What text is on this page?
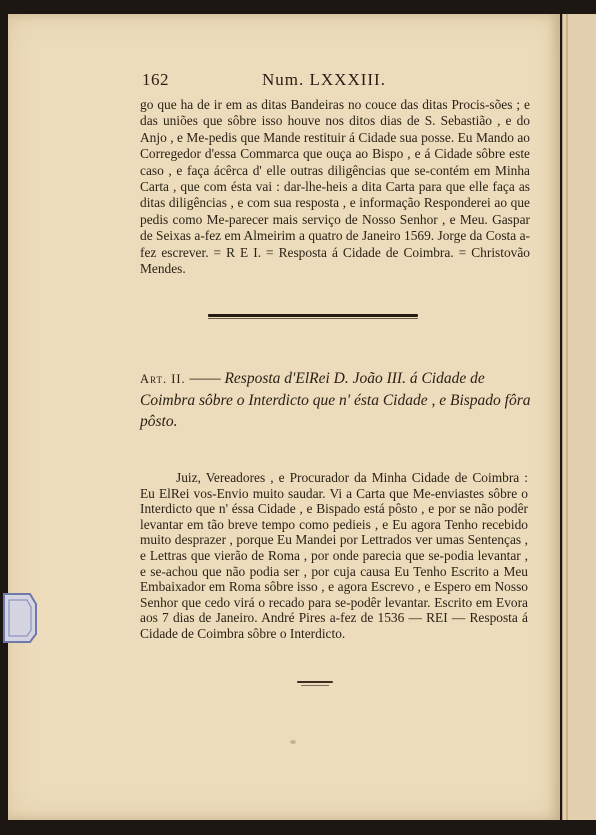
162	Num. LXXXIII.

go que ha de ir em as ditas Bandeiras no couce das ditas Procis-sões ; e das uniões que sôbre isso houve nos ditos dias de S. Sebastião , e do Anjo , e Me-pedis que Mande restituir á Cidade sua posse. Eu Mando ao Corregedor d'essa Commarca que ouça ao Bispo , e á Cidade sôbre este caso , e faça ácêrca d' elle outras diligências que se-contém em Minha Carta , que com ésta vai : dar-lhe-heis a dita Carta para que elle faça as ditas diligências , e com sua resposta , e informação Responderei ao que pedis como Me-parecer mais serviço de Nosso Senhor , e Meu. Gaspar de Seixas a-fez em Almeirim a quatro de Janeiro 1569. Jorge da Costa a-fez escrever. = R E I. = Resposta á Cidade de Coimbra. = Christovão Mendes.

Art. II. —— Resposta d'ElRei D. João III. á Cidade de Coimbra sôbre o Interdicto que n' ésta Cidade , e Bispado fôra pôsto.

Juiz, Vereadores , e Procurador da Minha Cidade de Coimbra : Eu ElRei vos-Envio muito saudar. Vi a Carta que Me-enviastes sôbre o Interdicto que n' éssa Cidade , e Bispado está pôsto , e por se não podêr levantar em tão breve tempo como pedieis , e Eu agora Tenho recebido muito desprazer , porque Eu Mandei por Lettrados ver umas Sentenças , e Lettras que vierão de Roma , por onde parecia que se-podia levantar , e se-achou que não podia ser , por cuja causa Eu Tenho Escrito a Meu Embaixador em Roma sôbre isso , e agora Escrevo , e Espero em Nosso Senhor que cedo virá o recado para se-podêr levantar. Escrito em Evora aos 7 dias de Janeiro. André Pires a-fez de 1536 — REI — Resposta á Cidade de Coimbra sôbre o Interdicto.
